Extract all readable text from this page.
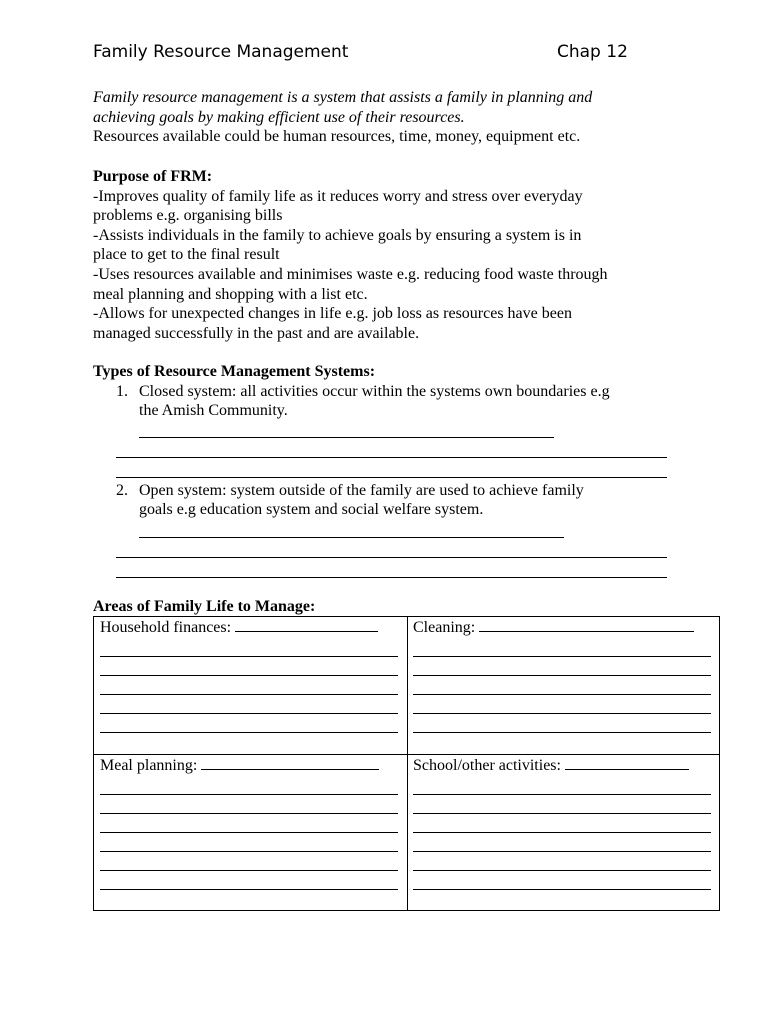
Family Resource Management	Chap 12
Family resource management is a system that assists a family in planning and
achieving goals by making efficient use of their resources.
Resources available could be human resources, time, money, equipment etc.
Purpose of FRM:
-Improves quality of family life as it reduces worry and stress over everyday
problems e.g. organising bills
-Assists individuals in the family to achieve goals by ensuring a system is in
place to get to the final result
-Uses resources available and minimises waste e.g. reducing food waste through
meal planning and shopping with a list etc.
-Allows for unexpected changes in life e.g. job loss as resources have been
managed successfully in the past and are available.
Types of Resource Management Systems:
1. Closed system: all activities occur within the systems own boundaries e.g
the Amish Community.
2. Open system: system outside of the family are used to achieve family
goals e.g education system and social welfare system.
Areas of Family Life to Manage:
Household finances:	Cleaning:
Meal planning:	School/other activities:
